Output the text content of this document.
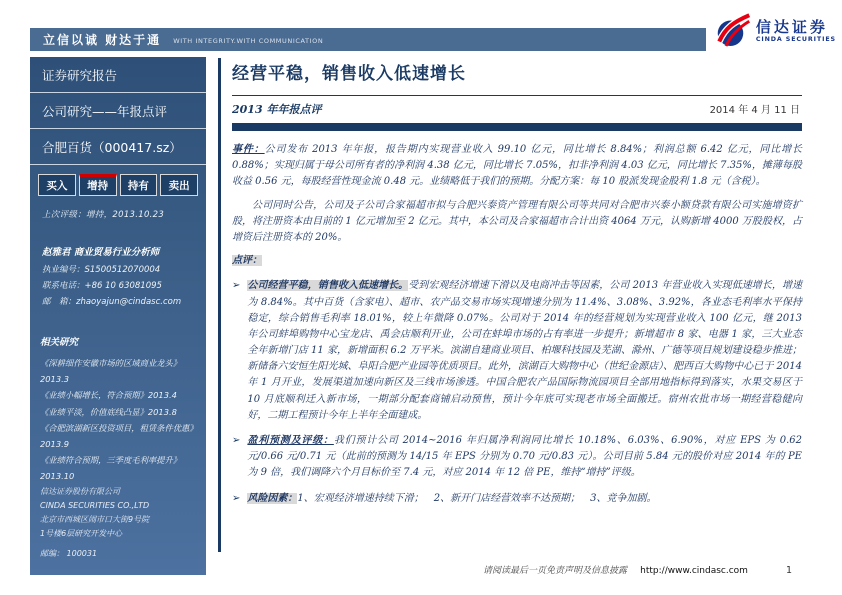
立信以诚 财达于通 WITH INTEGRITY.WITH COMMUNICATION
信达证券
CINDA SECURITIES
证券研究报告
公司研究——年报点评
合肥百货（000417.sz）
买入	增持	持有	卖出
上次评级：增持，2013.10.23
赵雅君 商业贸易行业分析师
执业编号：S1500512070004
联系电话：+86 10 63081095
邮　箱：zhaoyajun@cindasc.com
相关研究
《深耕细作安徽市场的区域商业龙头》2013.3
《业绩小幅增长，符合预期》2013.4
《业绩平淡，价值底线凸显》2013.8
《合肥滨湖新区投资项目，租赁条件优惠》2013.9
《业绩符合预期，三季度毛利率提升》2013.10
信达证券股份有限公司
CINDA SECURITIES CO.,LTD
北京市西城区闹市口大街9号院
1号楼6层研究开发中心
邮编： 100031
经营平稳，销售收入低速增长
2013 年年报点评	2014 年 4 月 11 日

事件：公司发布 2013 年年报，报告期内实现营业收入 99.10 亿元，同比增长 8.84%；利润总额 6.42 亿元，同比增长 0.88%；实现归属于母公司所有者的净利润 4.38 亿元，同比增长 7.05%，扣非净利润 4.03 亿元，同比增长 7.35%，摊薄每股收益 0.56 元，每股经营性现金流 0.48 元。业绩略低于我们的预期。分配方案：每 10 股派发现金股利 1.8 元（含税）。

公司同时公告，公司及子公司合家福超市拟与合肥兴泰资产管理有限公司等共同对合肥市兴泰小额贷款有限公司实施增资扩股，将注册资本由目前的 1 亿元增加至 2 亿元。其中，本公司及合家福超市合计出资 4064 万元，认购新增 4000 万股股权，占增资后注册资本的 20%。

点评：

➢ 公司经营平稳，销售收入低速增长。受到宏观经济增速下滑以及电商冲击等因素，公司 2013 年营业收入实现低速增长，增速为 8.84%。其中百货（含家电）、超市、农产品交易市场实现增速分别为 11.4%、3.08%、3.92%，各业态毛利率水平保持稳定，综合销售毛利率 18.01%，较上年微降 0.07%。公司对于 2014 年的经营规划为实现营业收入 100 亿元，继 2013 年公司蚌埠购物中心宝龙店、禹会店顺利开业，公司在蚌埠市场的占有率进一步提升；新增超市 8 家、电器 1 家，三大业态全年新增门店 11 家，新增面积 6.2 万平米。滨湖自建商业项目、柏堰科技园及芜湖、滁州、广德等项目规划建设稳步推进；新储备六安恒生阳光城、阜阳合肥产业园等优质项目。此外，滨湖百大购物中心（世纪金源店）、肥西百大购物中心已于 2014 年 1 月开业，发展渠道加速向新区及三线市场渗透。中国合肥农产品国际物流园项目全部用地指标得到落实，水果交易区于 10 月底顺利迁入新市场，一期部分配套商铺启动预售，预计今年底可实现老市场全面搬迁。宿州农批市场一期经营稳健向好，二期工程预计今年上半年全面建成。

➢ 盈利预测及评级：我们预计公司 2014~2016 年归属净利润同比增长 10.18%、6.03%、6.90%，对应 EPS 为 0.62 元/0.66 元/0.71 元（此前的预测为 14/15 年 EPS 分别为 0.70 元/0.83 元）。公司目前 5.84 元的股价对应 2014 年的 PE 为 9 倍，我们调降六个月目标价至 7.4 元，对应 2014 年 12 倍 PE，维持“增持”评级。

➢ 风险因素：1、宏观经济增速持续下滑；　2、新开门店经营效率不达预期；　3、竞争加剧。

请阅读最后一页免责声明及信息披露 http://www.cindasc.com	1
